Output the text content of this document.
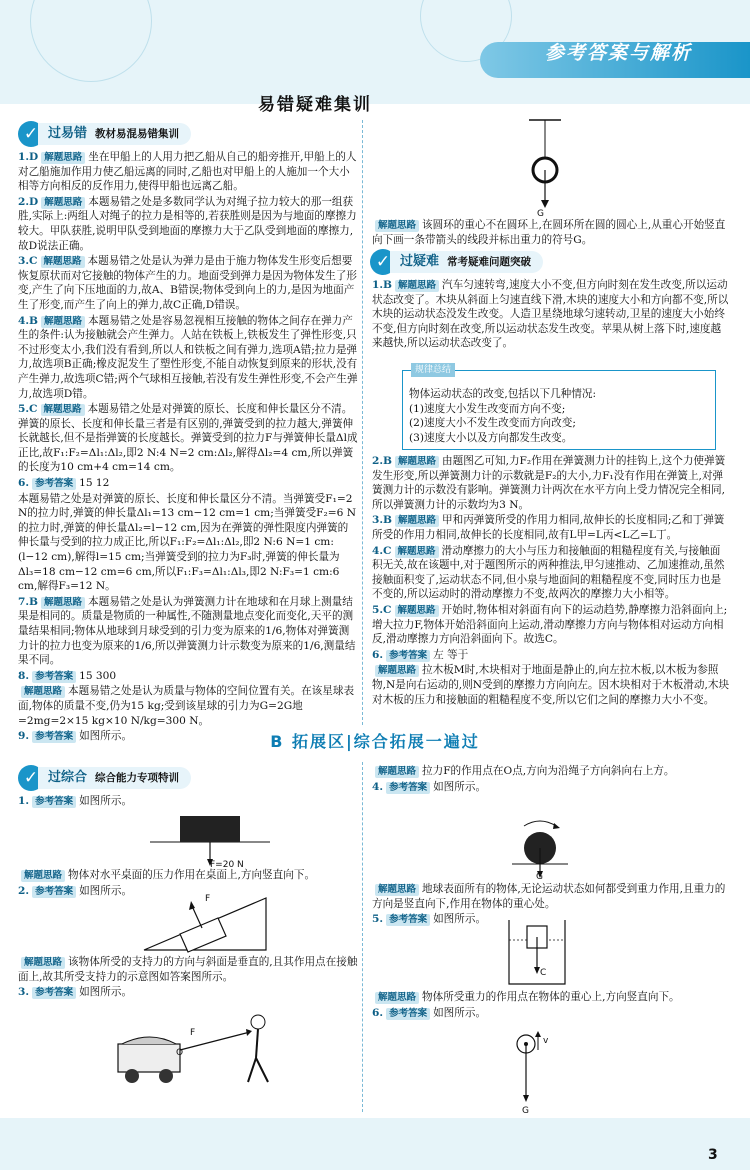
参考答案与解析
易错疑难集训
3
✓ 过易错 教材易混易错集训

1.D 解题思路 坐在甲船上的人用力把乙船从自己的船旁推开,甲船上的人对乙船施加作用力使乙船远离的同时,乙船也对甲船上的人施加一个大小相等方向相反的反作用力,使得甲船也远离乙船。

2.D 解题思路 本题易错之处是多数同学认为对绳子拉力较大的那一组获胜,实际上:两组人对绳子的拉力是相等的,若获胜则是因为与地面的摩擦力较大。甲队获胜,说明甲队受到地面的摩擦力大于乙队受到地面的摩擦力,故D说法正确。

3.C 解题思路 本题易错之处是认为弹力是由于施力物体发生形变后想要恢复原状而对它接触的物体产生的力。地面受到弹力是因为物体发生了形变,产生了向下压地面的力,故A、B错误;物体受到向上的力,是因为地面产生了形变,而产生了向上的弹力,故C正确,D错误。

4.B 解题思路 本题易错之处是容易忽视相互接触的物体之间存在弹力产生的条件:认为接触就会产生弹力。人站在铁板上,铁板发生了弹性形变,只不过形变太小,我们没有看到,所以人和铁板之间有弹力,选项A错;拉力是弹力,故选项B正确;橡皮泥发生了塑性形变,不能自动恢复到原来的形状,没有产生弹力,故选项C错;两个气球相互接触,若没有发生弹性形变,不会产生弹力,故选项D错。

5.C 解题思路 本题易错之处是对弹簧的原长、长度和伸长量区分不清。弹簧的原长、长度和伸长量三者是有区别的,弹簧受到的拉力越大,弹簧伸长就越长,但不是指弹簧的长度越长。弹簧受到的拉力F与弹簧伸长量Δl成正比,故F₁:F₂=Δl₁:Δl₂,即2 N:4 N=2 cm:Δl₂,解得Δl₂=4 cm,所以弹簧的长度为10 cm+4 cm=14 cm。

6. 参考答案 15 12

本题易错之处是对弹簧的原长、长度和伸长量区分不清。当弹簧受F₁=2 N的拉力时,弹簧的伸长量Δl₁=13 cm−12 cm=1 cm;当弹簧受F₂=6 N的拉力时,弹簧的伸长量Δl₂=l−12 cm,因为在弹簧的弹性限度内弹簧的伸长量与受到的拉力成正比,所以F₁:F₂=Δl₁:Δl₂,即2 N:6 N=1 cm:(l−12 cm),解得l=15 cm;当弹簧受到的拉力为F₃时,弹簧的伸长量为Δl₃=18 cm−12 cm=6 cm,所以F₁:F₃=Δl₁:Δl₃,即2 N:F₃=1 cm:6 cm,解得F₃=12 N。

7.B 解题思路 本题易错之处是认为弹簧测力计在地球和在月球上测量结果是相同的。质量是物质的一种属性,不随测量地点变化而变化,天平的测量结果相同;物体从地球到月球受到的引力变为原来的1/6,物体对弹簧测力计的拉力也变为原来的1/6,所以弹簧测力计示数变为原来的1/6,测量结果不同。

8. 参考答案 15 300

解题思路 本题易错之处是认为质量与物体的空间位置有关。在该星球表面,物体的质量不变,仍为15 kg;受到该星球的引力为G=2G地=2mg=2×15 kg×10 N/kg=300 N。

9. 参考答案 如图所示。

G

解题思路 该圆环的重心不在圆环上,在圆环所在圆的圆心上,从重心开始竖直向下画一条带箭头的线段并标出重力的符号G。

✓ 过疑难 常考疑难问题突破

1.B 解题思路 汽车匀速转弯,速度大小不变,但方向时刻在发生改变,所以运动状态改变了。木块从斜面上匀速直线下滑,木块的速度大小和方向都不变,所以木块的运动状态没发生改变。人造卫星绕地球匀速转动,卫星的速度大小始终不变,但方向时刻在改变,所以运动状态发生改变。苹果从树上落下时,速度越来越快,所以运动状态改变了。

规律总结

物体运动状态的改变,包括以下几种情况:

(1)速度大小发生改变而方向不变;

(2)速度大小不发生改变而方向改变;

(3)速度大小以及方向都发生改变。

2.B 解题思路 由题图乙可知,力F₂作用在弹簧测力计的挂钩上,这个力使弹簧发生形变,所以弹簧测力计的示数就是F₂的大小,力F₁没有作用在弹簧上,对弹簧测力计的示数没有影响。弹簧测力计两次在水平方向上受力情况完全相同,所以弹簧测力计的示数均为3 N。

3.B 解题思路 甲和丙弹簧所受的作用力相同,故伸长的长度相同;乙和丁弹簧所受的作用力相同,故伸长的长度相同,故有L甲=L丙<L乙=L丁。

4.C 解题思路 滑动摩擦力的大小与压力和接触面的粗糙程度有关,与接触面积无关,故在该题中,对于题图所示的两种推法,甲匀速推动、乙加速推动,虽然接触面积变了,运动状态不同,但小泉与地面间的粗糙程度不变,同时压力也是不变的,所以运动时的滑动摩擦力不变,故两次的摩擦力大小相等。

5.C 解题思路 开始时,物体相对斜面有向下的运动趋势,静摩擦力沿斜面向上;增大拉力F,物体开始沿斜面向上运动,滑动摩擦力方向与物体相对运动方向相反,滑动摩擦力方向沿斜面向下。故选C。

6. 参考答案 左 等于

解题思路 拉木板M时,木块相对于地面是静止的,向左拉木板,以木板为参照物,N是向右运动的,则N受到的摩擦力方向向左。因木块相对于木板滑动,木块对木板的压力和接触面的粗糙程度不变,所以它们之间的摩擦力大小不变。

B 拓展区|综合拓展一遍过
✓ 过综合 综合能力专项特训

1. 参考答案 如图所示。

F=20 N

解题思路 物体对水平桌面的压力作用在桌面上,方向竖直向下。

2. 参考答案 如图所示。

F

解题思路 该物体所受的支持力的方向与斜面是垂直的,且其作用点在接触面上,故其所受支持力的示意图如答案图所示。

3. 参考答案 如图所示。

F
O

解题思路 拉力F的作用点在O点,方向为沿绳子方向斜向右上方。

4. 参考答案 如图所示。

G

解题思路 地球表面所有的物体,无论运动状态如何都受到重力作用,且重力的方向是竖直向下,作用在物体的重心处。

5. 参考答案 如图所示。

C

解题思路 物体所受重力的作用点在物体的重心上,方向竖直向下。

6. 参考答案 如图所示。

v
G
